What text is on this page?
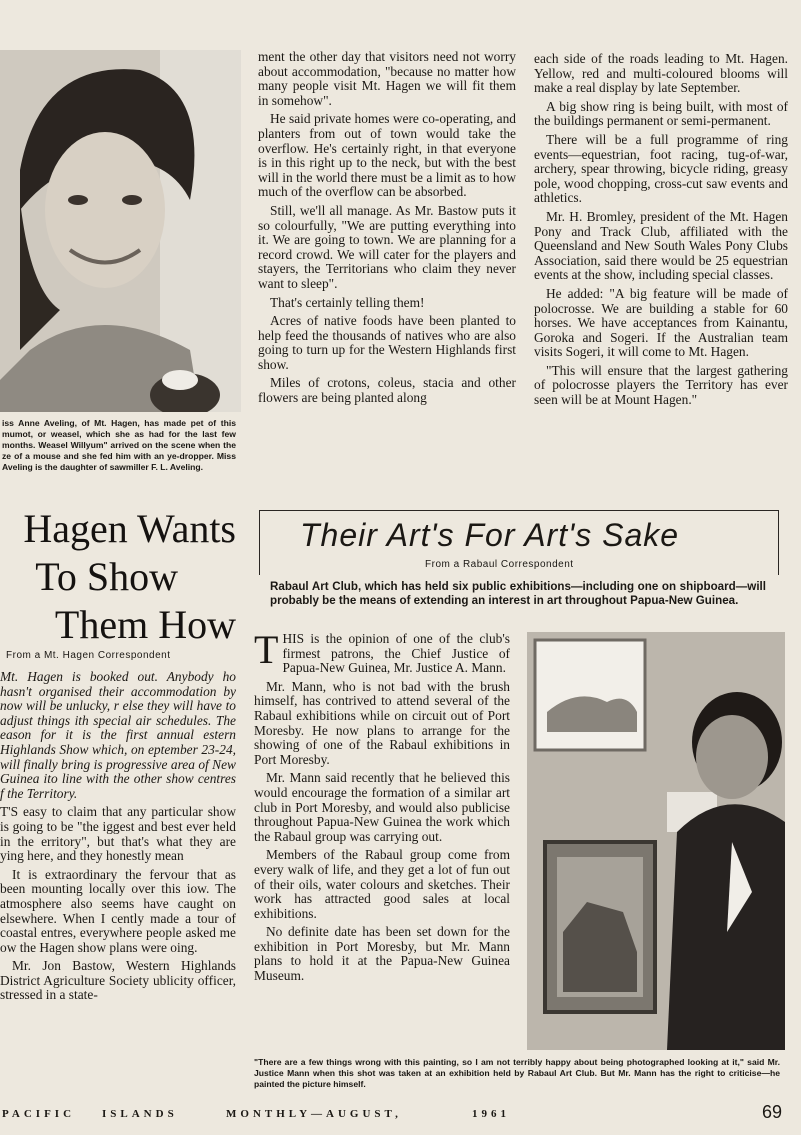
iss Anne Aveling, of Mt. Hagen, has made pet of this mumot, or weasel, which she as had for the last few months. Weasel Willyum" arrived on the scene when the ze of a mouse and she fed him with an ye-dropper. Miss Aveling is the daughter of sawmiller F. L. Aveling.

ment the other day that visitors need not worry about accommodation, "because no matter how many people visit Mt. Hagen we will fit them in somehow".

He said private homes were co-operating, and planters from out of town would take the overflow. He's certainly right, in that everyone is in this right up to the neck, but with the best will in the world there must be a limit as to how much of the overflow can be absorbed.

Still, we'll all manage. As Mr. Bastow puts it so colourfully, "We are putting everything into it. We are going to town. We are planning for a record crowd. We will cater for the players and stayers, the Territorians who claim they never want to sleep".

That's certainly telling them!

Acres of native foods have been planted to help feed the thousands of natives who are also going to turn up for the Western Highlands first show.

Miles of crotons, coleus, stacia and other flowers are being planted along

each side of the roads leading to Mt. Hagen. Yellow, red and multi-coloured blooms will make a real display by late September.

A big show ring is being built, with most of the buildings permanent or semi-permanent.

There will be a full programme of ring events—equestrian, foot racing, tug-of-war, archery, spear throwing, bicycle riding, greasy pole, wood chopping, cross-cut saw events and athletics.

Mr. H. Bromley, president of the Mt. Hagen Pony and Track Club, affiliated with the Queensland and New South Wales Pony Clubs Association, said there would be 25 equestrian events at the show, including special classes.

He added: "A big feature will be made of polocrosse. We are building a stable for 60 horses. We have acceptances from Kainantu, Goroka and Sogeri. If the Australian team visits Sogeri, it will come to Mt. Hagen.

"This will ensure that the largest gathering of polocrosse players the Territory has ever seen will be at Mount Hagen."

Hagen Wants
To Show
Them How
From a Mt. Hagen Correspondent

Mt. Hagen is booked out. Anybody ho hasn't organised their accommodation by now will be unlucky, r else they will have to adjust things ith special air schedules. The eason for it is the first annual estern Highlands Show which, on eptember 23-24, will finally bring is progressive area of New Guinea ito line with the other show centres f the Territory.

T'S easy to claim that any particular show is going to be "the iggest and best ever held in the erritory", but that's what they are ying here, and they honestly mean

It is extraordinary the fervour that as been mounting locally over this iow. The atmosphere also seems have caught on elsewhere. When I cently made a tour of coastal entres, everywhere people asked me ow the Hagen show plans were oing.

Mr. Jon Bastow, Western Highlands District Agriculture Society ublicity officer, stressed in a state-

Their Art's For Art's Sake
From a Rabaul Correspondent
Rabaul Art Club, which has held six public exhibitions—including one on shipboard—will probably be the means of extending an interest in art throughout Papua-New Guinea.

THIS is the opinion of one of the club's firmest patrons, the Chief Justice of Papua-New Guinea, Mr. Justice A. Mann.

Mr. Mann, who is not bad with the brush himself, has contrived to attend several of the Rabaul exhibitions while on circuit out of Port Moresby. He now plans to arrange for the showing of one of the Rabaul exhibitions in Port Moresby.

Mr. Mann said recently that he believed this would encourage the formation of a similar art club in Port Moresby, and would also publicise throughout Papua-New Guinea the work which the Rabaul group was carrying out.

Members of the Rabaul group come from every walk of life, and they get a lot of fun out of their oils, water colours and sketches. Their work has attracted good sales at local exhibitions.

No definite date has been set down for the exhibition in Port Moresby, but Mr. Mann plans to hold it at the Papua-New Guinea Museum.

"There are a few things wrong with this painting, so I am not terribly happy about being photographed looking at it," said Mr. Justice Mann when this shot was taken at an exhibition held by Rabaul Art Club. But Mr. Mann has the right to criticise—he painted the picture himself.
PACIFIC ISLANDS	MONTHLY—AUGUST,	1961	69
